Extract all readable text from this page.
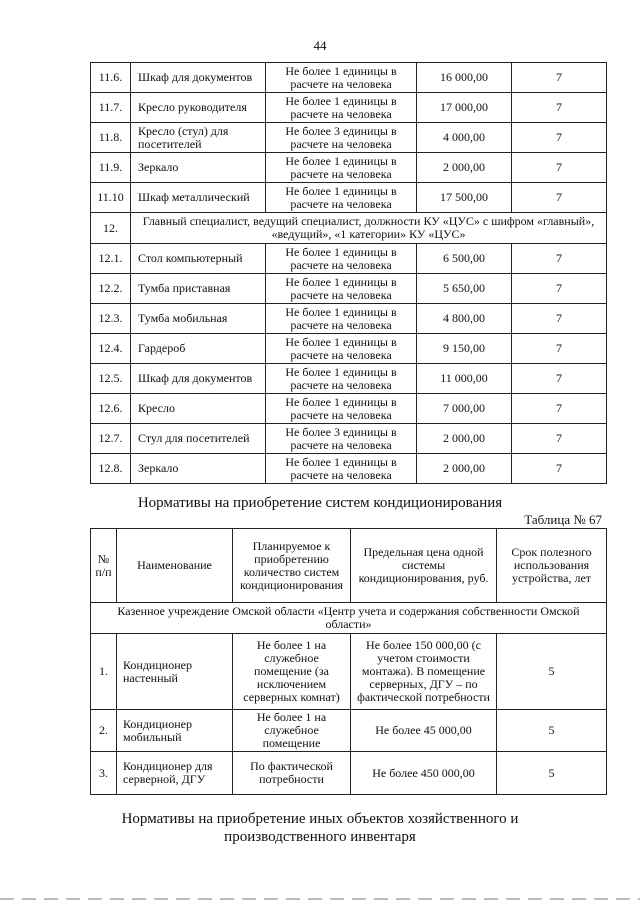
44
11.6.	Шкаф для документов	Не более 1 единицы в расчете на человека	16 000,00	7
11.7.	Кресло руководителя	Не более 1 единицы в расчете на человека	17 000,00	7
11.8.	Кресло (стул) для посетителей	Не более 3 единицы в расчете на человека	4 000,00	7
11.9.	Зеркало	Не более 1 единицы в расчете на человека	2 000,00	7
11.10	Шкаф металлический	Не более 1 единицы в расчете на человека	17 500,00	7
12.	Главный специалист, ведущий специалист, должности КУ «ЦУС» с шифром «главный», «ведущий», «1 категории» КУ «ЦУС»			
12.1.	Стол компьютерный	Не более 1 единицы в расчете на человека	6 500,00	7
12.2.	Тумба приставная	Не более 1 единицы в расчете на человека	5 650,00	7
12.3.	Тумба мобильная	Не более 1 единицы в расчете на человека	4 800,00	7
12.4.	Гардероб	Не более 1 единицы в расчете на человека	9 150,00	7
12.5.	Шкаф для документов	Не более 1 единицы в расчете на человека	11 000,00	7
12.6.	Кресло	Не более 1 единицы в расчете на человека	7 000,00	7
12.7.	Стул для посетителей	Не более 3 единицы в расчете на человека	2 000,00	7
12.8.	Зеркало	Не более 1 единицы в расчете на человека	2 000,00	7
Нормативы на приобретение систем кондиционирования
Таблица № 67
№ п/п	Наименование	Планируемое к приобретению количество систем кондиционирования	Предельная цена одной системы кондиционирования, руб.	Срок полезного использования устройства, лет
Казенное учреждение Омской области «Центр учета и содержания собственности Омской области»				
1.	Кондиционер настенный	Не более 1 на служебное помещение (за исключением серверных комнат)	Не более 150 000,00 (с учетом стоимости монтажа). В помещение серверных, ДГУ – по фактической потребности	5
2.	Кондиционер мобильный	Не более 1 на служебное помещение	Не более 45 000,00	5
3.	Кондиционер для серверной, ДГУ	По фактической потребности	Не более 450 000,00	5
Нормативы на приобретение иных объектов хозяйственного и
производственного инвентаря
